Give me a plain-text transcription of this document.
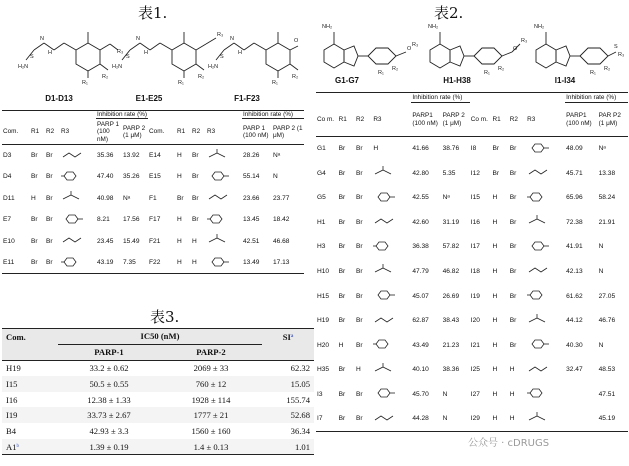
表1.	表2.
表3.
H₂N
S
N
H
H₂N
S
N
H
H₂N
S
N
H
R₃
R₁
R₂
R₃
R₁
R₂
O
R₁
R₂
D1-D13	E1-E25	F1-F23
				Inhibition rate (%)						Inhibition rate (%)	
Com.	R1	R2	R3	PARP 1 (100 nM)	PARP 2 (1 μM)	Com.	R1	R2	R3	PARP 1 (100 nM)	PARP 2 (1 μM)
D3	Br	Br		35.36	13.92	E14	H	Br		28.26	Nᵃ
D4	Br	Br		47.40	35.26	E15	H	Br		55.14	N
D11	H	Br		40.98	Nᵃ	F1	Br	Br		23.66	23.77
E7	Br	Br		8.21	17.56	F17	H	Br		13.45	18.42
E10	Br	Br		23.45	15.49	F21	H	H		42.51	46.68
E11	Br	Br		43.19	7.35	F22	H	H		13.49	17.13
Com.	IC50 (nM)		$SI^a$
	PARP-1	PARP-2	
H19	33.2 ± 0.62	2069 ± 33	62.32
I15	50.5 ± 0.55	760 ± 12	15.05
I16	12.38 ± 1.33	1928 ± 114	155.74
I19	33.73 ± 2.67	1777 ± 21	52.68
B4	42.93 ± 3.3	1560 ± 160	36.34
A1$^b$	1.39 ± 0.19	1.4 ± 0.13	1.01
NH₂	NH₂	NH₂
O
R₃
O
R₃
S
R₃
R₁
R₂
R₁
R₂
R₁
R₂
G1-G7	H1-H38	I1-I34
				Inhibition rate (%)						Inhibition rate (%)	
Co m.	R1	R2	R3	PARP1 (100 nM)	PARP 2 (1 μM)	Co m.	R1	R2	R3	PARP1 (100 nM)	PAR P2 (1 μM)
G1	Br	Br	H	41.66	38.76	I8	Br	Br		48.09	Nᵃ
G4	Br	Br		42.80	5.35	I12	Br	Br		45.71	13.38
G5	Br	Br		42.55	Nᵃ	I15	H	Br		65.96	58.24
H1	Br	Br		42.60	31.19	I16	H	Br		72.38	21.91
H3	Br	Br		36.38	57.82	I17	H	Br		41.91	N
H10	Br	Br		47.79	46.82	I18	H	Br		42.13	N
H15	Br	Br		45.07	26.69	I19	H	Br		61.62	27.05
H19	Br	Br		62.87	38.43	I20	H	Br		44.12	46.76
H20	H	Br		43.49	21.23	I21	H	Br		40.30	N
H35	Br	H		40.10	38.36	I25	H	H		32.47	48.53
I3	Br	Br		45.70	N	I27	H	H			47.51
I7	Br	Br		44.28	N	I29	H	H			45.19
公众号 · cDRUGS
